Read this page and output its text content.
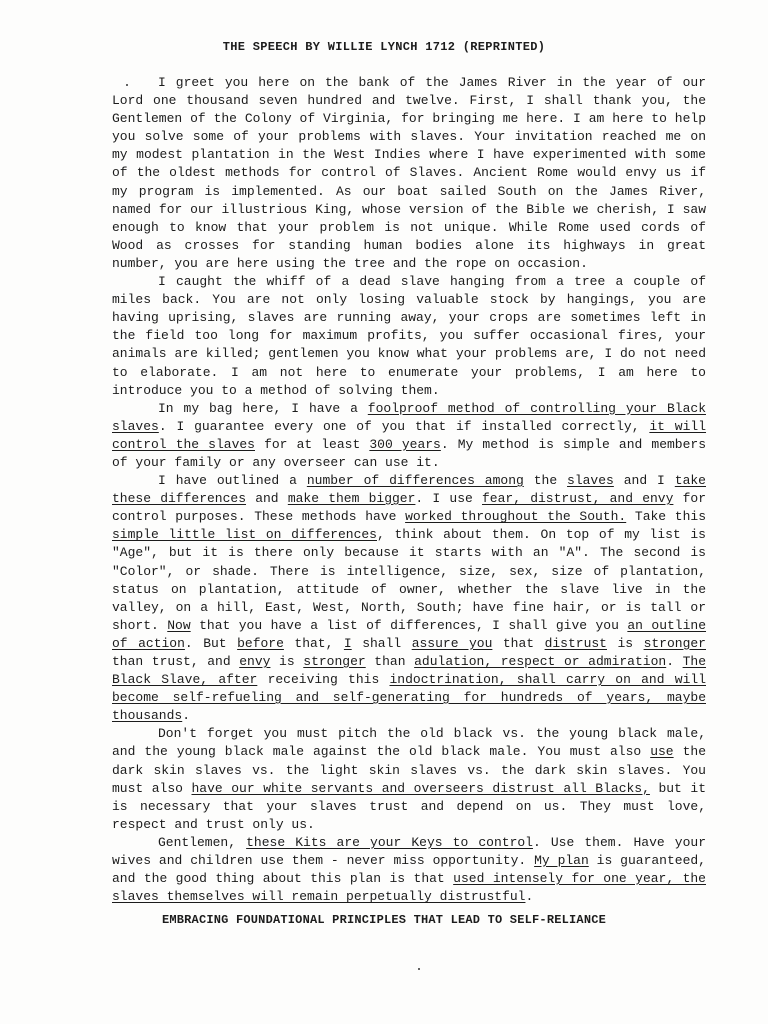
THE SPEECH BY WILLIE LYNCH 1712 (REPRINTED)

I greet you here on the bank of the James River in the year of our Lord one thousand seven hundred and twelve. First, I shall thank you, the Gentlemen of the Colony of Virginia, for bringing me here. I am here to help you solve some of your problems with slaves. Your invitation reached me on my modest plantation in the West Indies where I have experimented with some of the oldest methods for control of Slaves. Ancient Rome would envy us if my program is implemented. As our boat sailed South on the James River, named for our illustrious King, whose version of the Bible we cherish, I saw enough to know that your problem is not unique. While Rome used cords of Wood as crosses for standing human bodies alone its highways in great number, you are here using the tree and the rope on occasion.

I caught the whiff of a dead slave hanging from a tree a couple of miles back. You are not only losing valuable stock by hangings, you are having uprising, slaves are running away, your crops are sometimes left in the field too long for maximum profits, you suffer occasional fires, your animals are killed; gentlemen you know what your problems are, I do not need to elaborate. I am not here to enumerate your problems, I am here to introduce you to a method of solving them.

In my bag here, I have a foolproof method of controlling your Black slaves. I guarantee every one of you that if installed correctly, it will control the slaves for at least 300 years. My method is simple and members of your family or any overseer can use it.

I have outlined a number of differences among the slaves and I take these differences and make them bigger. I use fear, distrust, and envy for control purposes. These methods have worked throughout the South. Take this simple little list on differences, think about them. On top of my list is "Age", but it is there only because it starts with an "A". The second is "Color", or shade. There is intelligence, size, sex, size of plantation, status on plantation, attitude of owner, whether the slave live in the valley, on a hill, East, West, North, South; have fine hair, or is tall or short. Now that you have a list of differences, I shall give you an outline of action. But before that, I shall assure you that distrust is stronger than trust, and envy is stronger than adulation, respect or admiration. The Black Slave, after receiving this indoctrination, shall carry on and will become self-refueling and self-generating for hundreds of years, maybe thousands.

Don't forget you must pitch the old black vs. the young black male, and the young black male against the old black male. You must also use the dark skin slaves vs. the light skin slaves vs. the dark skin slaves. You must also have our white servants and overseers distrust all Blacks, but it is necessary that your slaves trust and depend on us. They must love, respect and trust only us.

Gentlemen, these Kits are your Keys to control. Use them. Have your wives and children use them - never miss opportunity. My plan is guaranteed, and the good thing about this plan is that used intensely for one year, the slaves themselves will remain perpetually distrustful.

EMBRACING FOUNDATIONAL PRINCIPLES THAT LEAD TO SELF-RELIANCE
